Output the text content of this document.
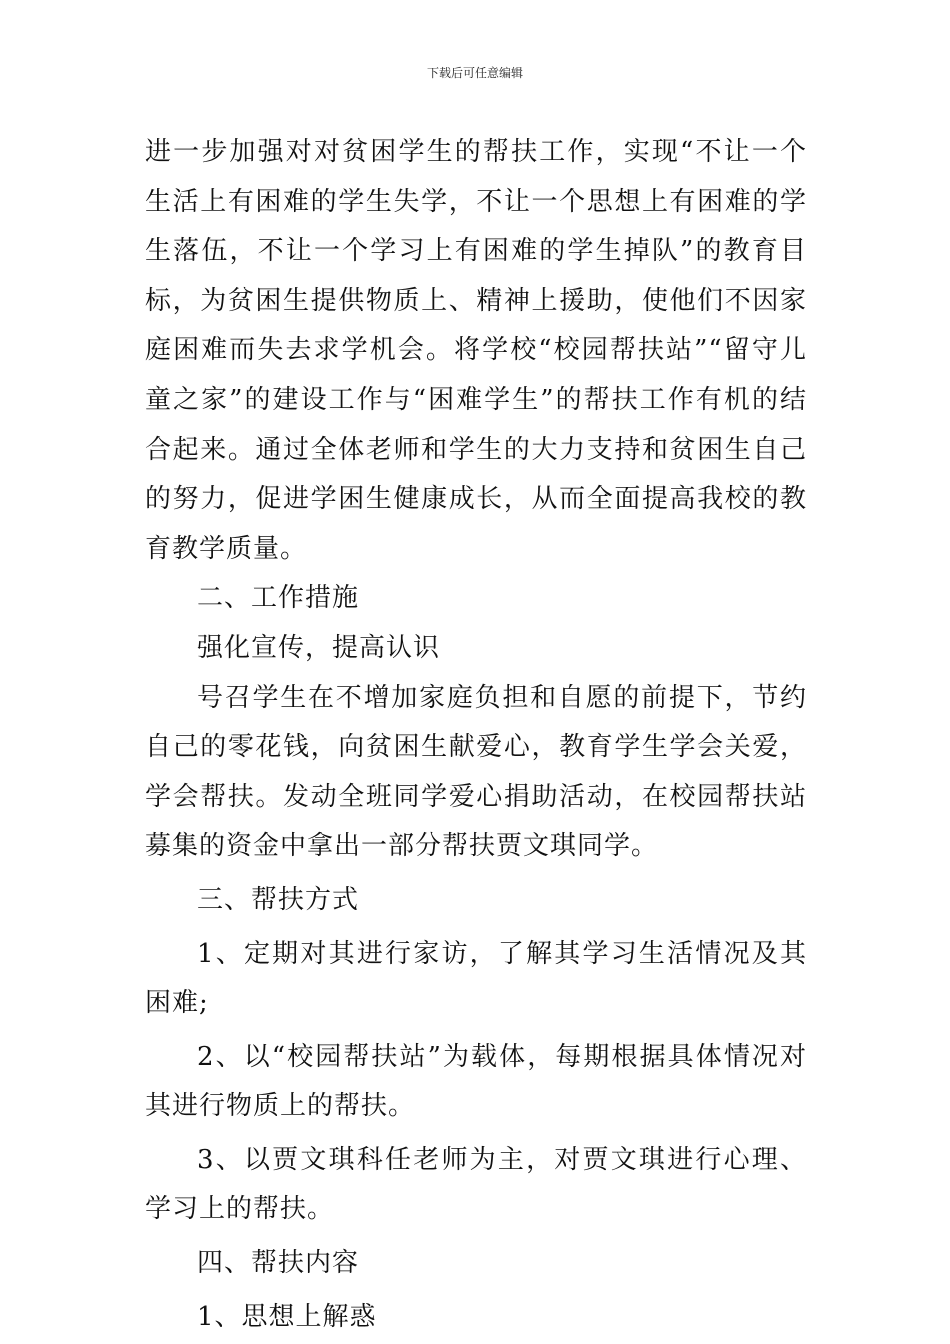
下载后可任意编辑

进一步加强对对贫困学生的帮扶工作，实现“不让一个生活上有困难的学生失学，不让一个思想上有困难的学生落伍，不让一个学习上有困难的学生掉队”的教育目标，为贫困生提供物质上、精神上援助，使他们不因家庭困难而失去求学机会。将学校“校园帮扶站”“留守儿童之家”的建设工作与“困难学生”的帮扶工作有机的结合起来。通过全体老师和学生的大力支持和贫困生自己的努力，促进学困生健康成长，从而全面提高我校的教育教学质量。

二、工作措施

强化宣传，提高认识

号召学生在不增加家庭负担和自愿的前提下，节约自己的零花钱，向贫困生献爱心，教育学生学会关爱，学会帮扶。发动全班同学爱心捐助活动，在校园帮扶站募集的资金中拿出一部分帮扶贾文琪同学。

三、帮扶方式

1、定期对其进行家访，了解其学习生活情况及其困难;

2、以“校园帮扶站”为载体，每期根据具体情况对其进行物质上的帮扶。

3、以贾文琪科任老师为主，对贾文琪进行心理、学习上的帮扶。

四、帮扶内容

1、思想上解惑
